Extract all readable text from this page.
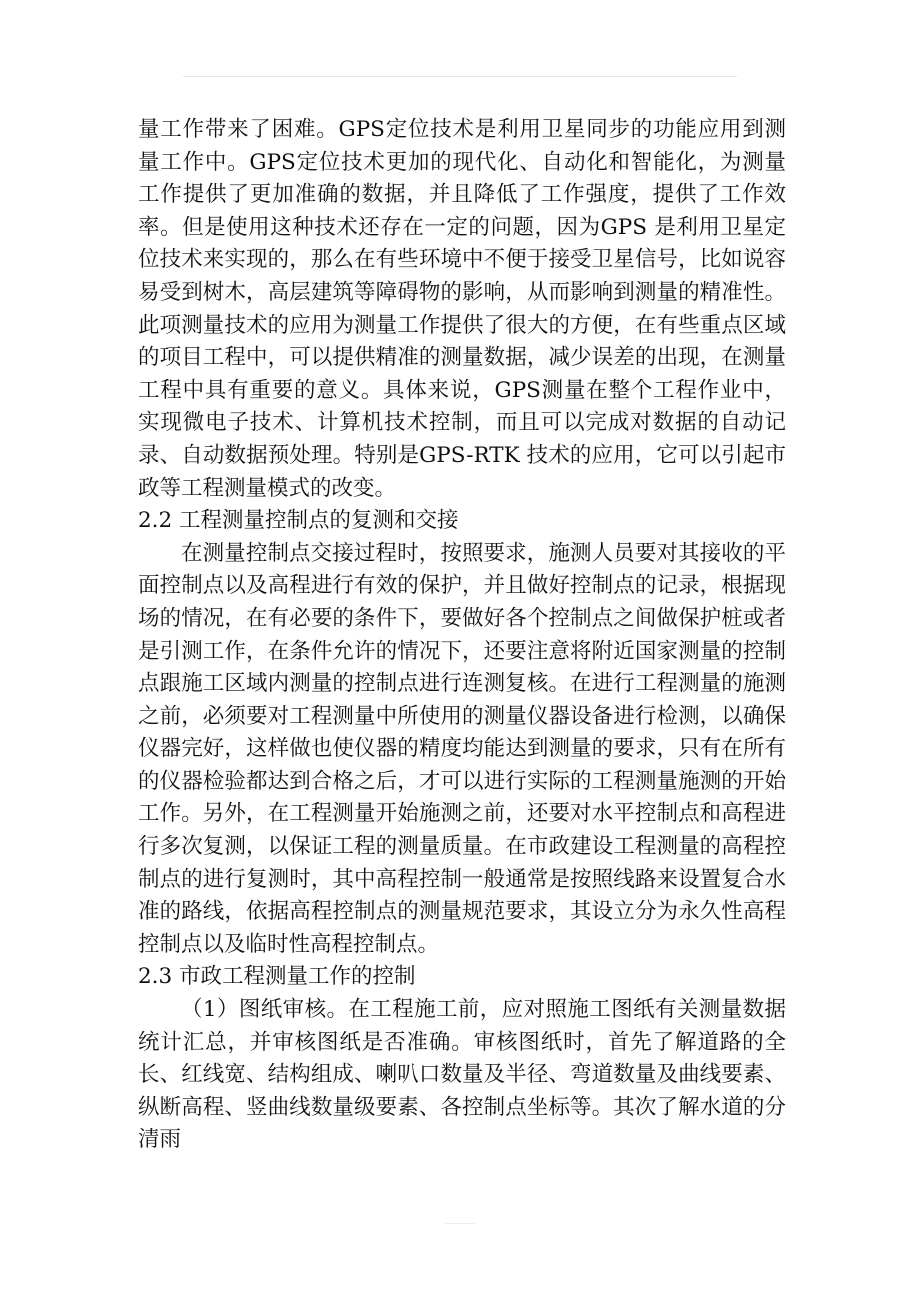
量工作带来了困难。GPS定位技术是利用卫星同步的功能应用到测量工作中。GPS定位技术更加的现代化、自动化和智能化，为测量工作提供了更加准确的数据，并且降低了工作强度，提供了工作效率。但是使用这种技术还存在一定的问题，因为GPS 是利用卫星定位技术来实现的，那么在有些环境中不便于接受卫星信号，比如说容易受到树木，高层建筑等障碍物的影响，从而影响到测量的精准性。此项测量技术的应用为测量工作提供了很大的方便，在有些重点区域的项目工程中，可以提供精准的测量数据，减少误差的出现，在测量工程中具有重要的意义。具体来说，GPS测量在整个工程作业中，实现微电子技术、计算机技术控制，而且可以完成对数据的自动记录、自动数据预处理。特别是GPS-RTK 技术的应用，它可以引起市政等工程测量模式的改变。

2.2 工程测量控制点的复测和交接

在测量控制点交接过程时，按照要求，施测人员要对其接收的平面控制点以及高程进行有效的保护，并且做好控制点的记录，根据现场的情况，在有必要的条件下，要做好各个控制点之间做保护桩或者是引测工作，在条件允许的情况下，还要注意将附近国家测量的控制点跟施工区域内测量的控制点进行连测复核。在进行工程测量的施测之前，必须要对工程测量中所使用的测量仪器设备进行检测，以确保仪器完好，这样做也使仪器的精度均能达到测量的要求，只有在所有的仪器检验都达到合格之后，才可以进行实际的工程测量施测的开始工作。另外，在工程测量开始施测之前，还要对水平控制点和高程进行多次复测，以保证工程的测量质量。在市政建设工程测量的高程控制点的进行复测时，其中高程控制一般通常是按照线路来设置复合水准的路线，依据高程控制点的测量规范要求，其设立分为永久性高程控制点以及临时性高程控制点。

2.3 市政工程测量工作的控制

（1）图纸审核。在工程施工前，应对照施工图纸有关测量数据统计汇总，并审核图纸是否准确。审核图纸时，首先了解道路的全长、红线宽、结构组成、喇叭口数量及半径、弯道数量及曲线要素、纵断高程、竖曲线数量级要素、各控制点坐标等。其次了解水道的分清雨
